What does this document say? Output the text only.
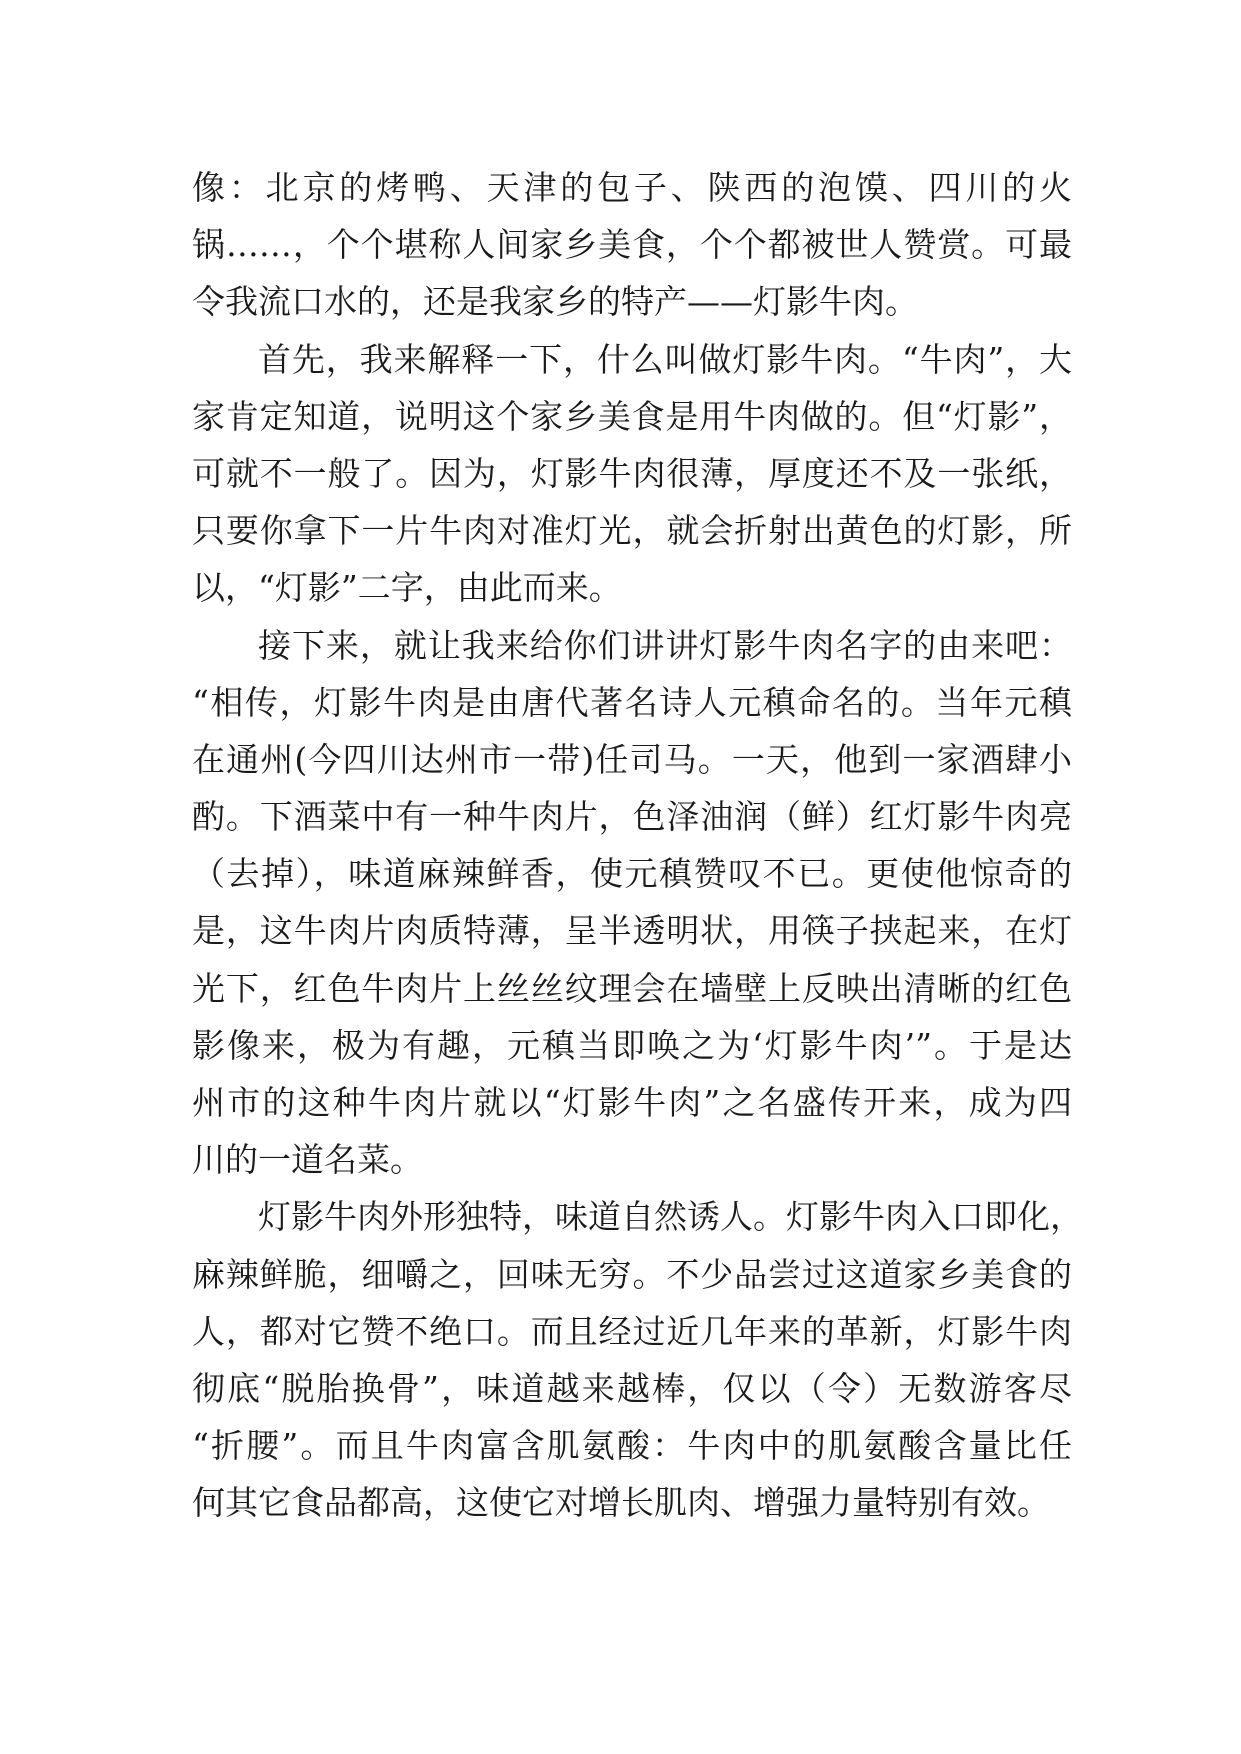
像：北京的烤鸭、天津的包子、陕西的泡馍、四川的火
锅……，个个堪称人间家乡美食，个个都被世人赞赏。可最
令我流口水的，还是我家乡的特产——灯影牛肉。
首先，我来解释一下，什么叫做灯影牛肉。“牛肉”，大
家肯定知道，说明这个家乡美食是用牛肉做的。但“灯影”，
可就不一般了。因为，灯影牛肉很薄，厚度还不及一张纸，
只要你拿下一片牛肉对准灯光，就会折射出黄色的灯影，所
以，“灯影”二字，由此而来。
接下来，就让我来给你们讲讲灯影牛肉名字的由来吧：
“相传，灯影牛肉是由唐代著名诗人元稹命名的。当年元稹
在通州(今四川达州市一带)任司马。一天，他到一家酒肆小
酌。下酒菜中有一种牛肉片，色泽油润（鲜）红灯影牛肉亮
（去掉），味道麻辣鲜香，使元稹赞叹不已。更使他惊奇的
是，这牛肉片肉质特薄，呈半透明状，用筷子挟起来，在灯
光下，红色牛肉片上丝丝纹理会在墙壁上反映出清晰的红色
影像来，极为有趣，元稹当即唤之为‘灯影牛肉’”。于是达
州市的这种牛肉片就以“灯影牛肉”之名盛传开来，成为四
川的一道名菜。
灯影牛肉外形独特，味道自然诱人。灯影牛肉入口即化，
麻辣鲜脆，细嚼之，回味无穷。不少品尝过这道家乡美食的
人，都对它赞不绝口。而且经过近几年来的革新，灯影牛肉
彻底“脱胎换骨”，味道越来越棒，仅以（令）无数游客尽
“折腰”。而且牛肉富含肌氨酸：牛肉中的肌氨酸含量比任
何其它食品都高，这使它对增长肌肉、增强力量特别有效。
